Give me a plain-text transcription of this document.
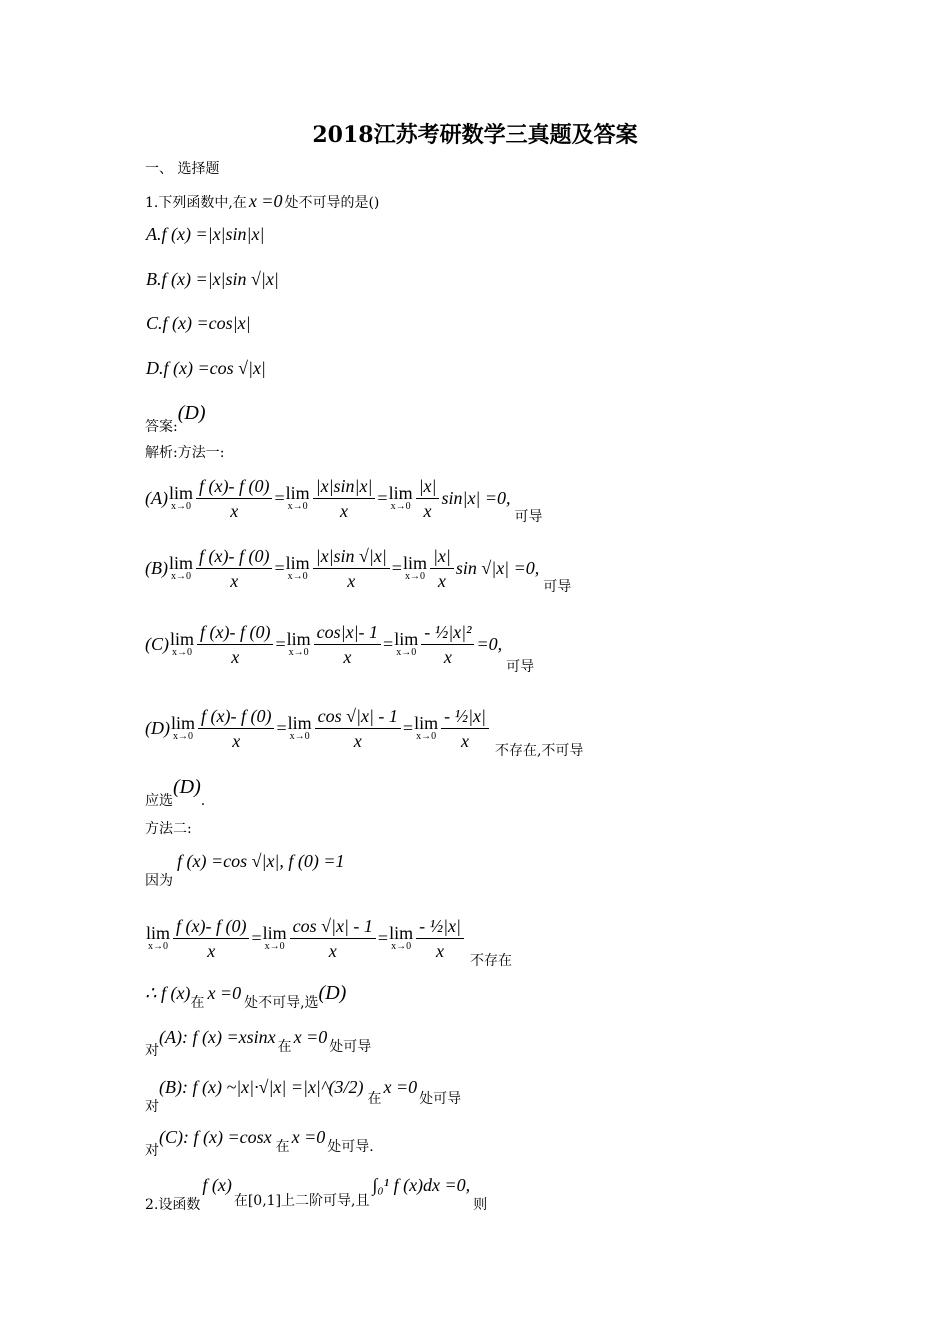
2018江苏考研数学三真题及答案
一、 选择题
1.下列函数中,在 x =0 处不可导的是()
A.f (x) =|x|sin|x|
B.f (x) =|x|sin √|x|
C.f (x) =cos|x|
D.f (x) =cos √|x|
答案:(D)
解析:方法一:
(A) lim
$x\to 0 \frac{f (x)- f (0)}{x} = \lim$
$x\to 0 \frac{|x|\sin|x|}{x} = \lim$
$x\to 0 \frac{|x|}{x} \sin|x| =0$,
可导
(B) lim
$x\to 0 \frac{f (x)- f (0)}{x} = \lim$
$x\to 0 \frac{|x|\sin √|x|}{x} = \lim$
$x\to 0 \frac{|x|}{x}$ sin √|x| =0,
可导
(C) lim
$x\to 0 \frac{f (x)- f (0)}{x} = \lim$
$x\to 0 \frac{\cos|x|- 1}{x} = \lim$
$x\to 0 \frac{\text{- ½|x|²}}{x} =0$,
可导
(D) lim
$x\to 0 \frac{f (x)- f (0)}{x} = \lim$
$x\to 0 \frac{\cos √|x| - 1}{x} = \lim$
$x\to 0 \frac{\text{- ½|x|}}{x}$ 不存在,不可导
应选(D).
方法二:
因为f (x) =cos √|x|, f (0) =1
lim
$x\to 0 \frac{f (x)- f (0)}{x} = \lim$
$x\to 0 \frac{\cos √|x| - 1}{x} = \lim$
$x\to 0 \frac{\text{- ½|x|}}{x}$ 不存在
∴ f (x)在 x =0 处不可导,选(D)
对(A): f (x) =xsinx 在 x =0 处可导
对(B): f (x) ~|x|·√|x| =|x|^(3/2)在x =0处可导
对(C): f (x) =cosx 在 x =0 处可导.
2.设函数f (x)在[0,1]上二阶可导,且∫₀¹ f (x)dx =0,则
